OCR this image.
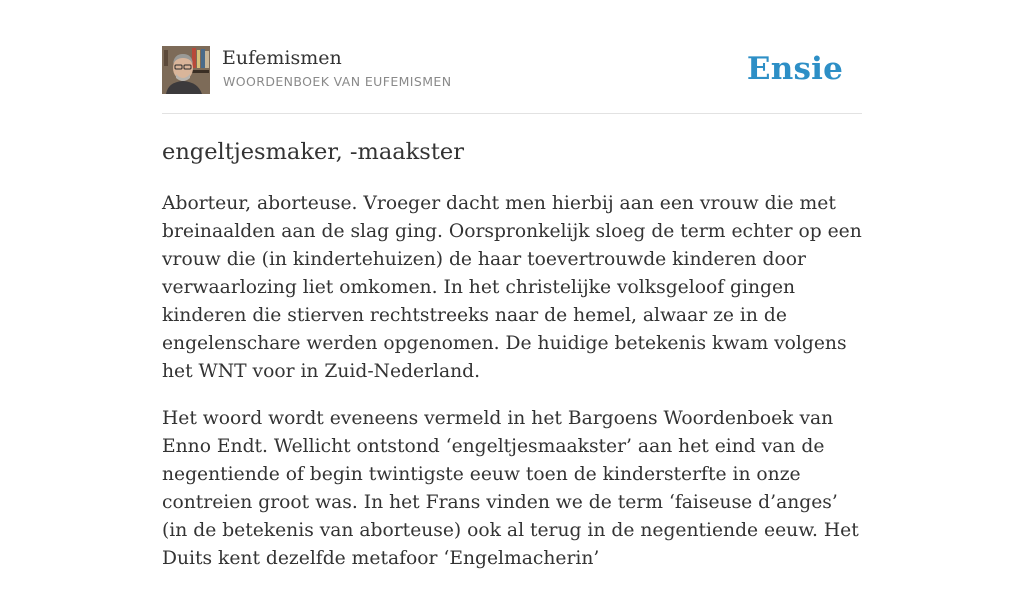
Eufemismen
WOORDENBOEK VAN EUFEMISMEN	Ensie
engeltjesmaker, -maakster

Aborteur, aborteuse. Vroeger dacht men hierbij aan een vrouw die met breinaalden aan de slag ging. Oorspronkelijk sloeg de term echter op een vrouw die (in kindertehuizen) de haar toevertrouwde kinderen door verwaarlozing liet omkomen. In het christelijke volksgeloof gingen kinderen die stierven rechtstreeks naar de hemel, alwaar ze in de engelenschare werden opgenomen. De huidige betekenis kwam volgens het WNT voor in Zuid-Nederland.

Het woord wordt eveneens vermeld in het Bargoens Woordenboek van Enno Endt. Wellicht ontstond ‘engeltjesmaakster’ aan het eind van de negentiende of begin twintigste eeuw toen de kindersterfte in onze contreien groot was. In het Frans vinden we de term ‘faiseuse d’anges’ (in de betekenis van aborteuse) ook al terug in de negentiende eeuw. Het Duits kent dezelfde metafoor ‘Engelmacherin’
